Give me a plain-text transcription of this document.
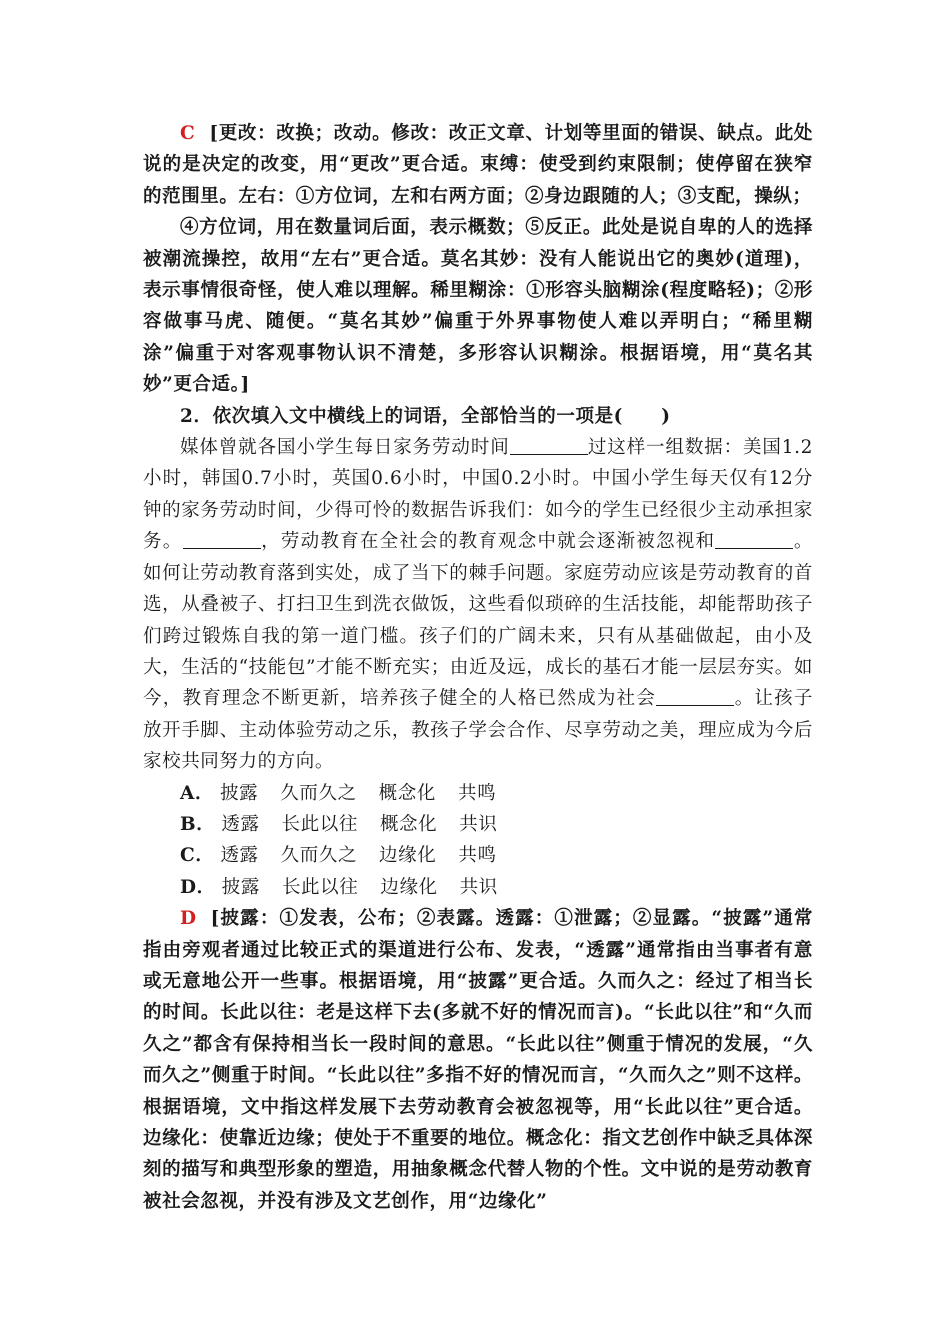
C [更改：改换；改动。修改：改正文章、计划等里面的错误、缺点。此处说的是决定的改变，用“更改”更合适。束缚：使受到约束限制；使停留在狭窄的范围里。左右：①方位词，左和右两方面；②身边跟随的人；③支配，操纵；

④方位词，用在数量词后面，表示概数；⑤反正。此处是说自卑的人的选择被潮流操控，故用“左右”更合适。莫名其妙：没有人能说出它的奥妙(道理)，表示事情很奇怪，使人难以理解。稀里糊涂：①形容头脑糊涂(程度略轻)；②形容做事马虎、随便。“莫名其妙”偏重于外界事物使人难以弄明白；“稀里糊涂”偏重于对客观事物认识不清楚，多形容认识糊涂。根据语境，用“莫名其妙”更合适。]

2．依次填入文中横线上的词语，全部恰当的一项是(　　)

媒体曾就各国小学生每日家务劳动时间	过这样一组数据：美国1.2小时，韩国0.7小时，英国0.6小时，中国0.2小时。中国小学生每天仅有12分钟的家务劳动时间，少得可怜的数据告诉我们：如今的学生已经很少主动承担家务。	，劳动教育在全社会的教育观念中就会逐渐被忽视和	。如何让劳动教育落到实处，成了当下的棘手问题。家庭劳动应该是劳动教育的首选，从叠被子、打扫卫生到洗衣做饭，这些看似琐碎的生活技能，却能帮助孩子们跨过锻炼自我的第一道门槛。孩子们的广阔未来，只有从基础做起，由小及大，生活的“技能包”才能不断充实；由近及远，成长的基石才能一层层夯实。如今，教育理念不断更新，培养孩子健全的人格已然成为社会	。让孩子放开手脚、主动体验劳动之乐，教孩子学会合作、尽享劳动之美，理应成为今后家校共同努力的方向。

A． 披露 久而久之 概念化 共鸣
B． 透露 长此以往 概念化 共识
C． 透露 久而久之 边缘化 共鸣
D． 披露 长此以往 边缘化 共识

D [披露：①发表，公布；②表露。透露：①泄露；②显露。“披露”通常指由旁观者通过比较正式的渠道进行公布、发表，“透露”通常指由当事者有意或无意地公开一些事。根据语境，用“披露”更合适。久而久之：经过了相当长的时间。长此以往：老是这样下去(多就不好的情况而言)。“长此以往”和“久而久之”都含有保持相当长一段时间的意思。“长此以往”侧重于情况的发展，“久而久之”侧重于时间。“长此以往”多指不好的情况而言，“久而久之”则不这样。根据语境，文中指这样发展下去劳动教育会被忽视等，用“长此以往”更合适。边缘化：使靠近边缘；使处于不重要的地位。概念化：指文艺创作中缺乏具体深刻的描写和典型形象的塑造，用抽象概念代替人物的个性。文中说的是劳动教育被社会忽视，并没有涉及文艺创作，用“边缘化”
